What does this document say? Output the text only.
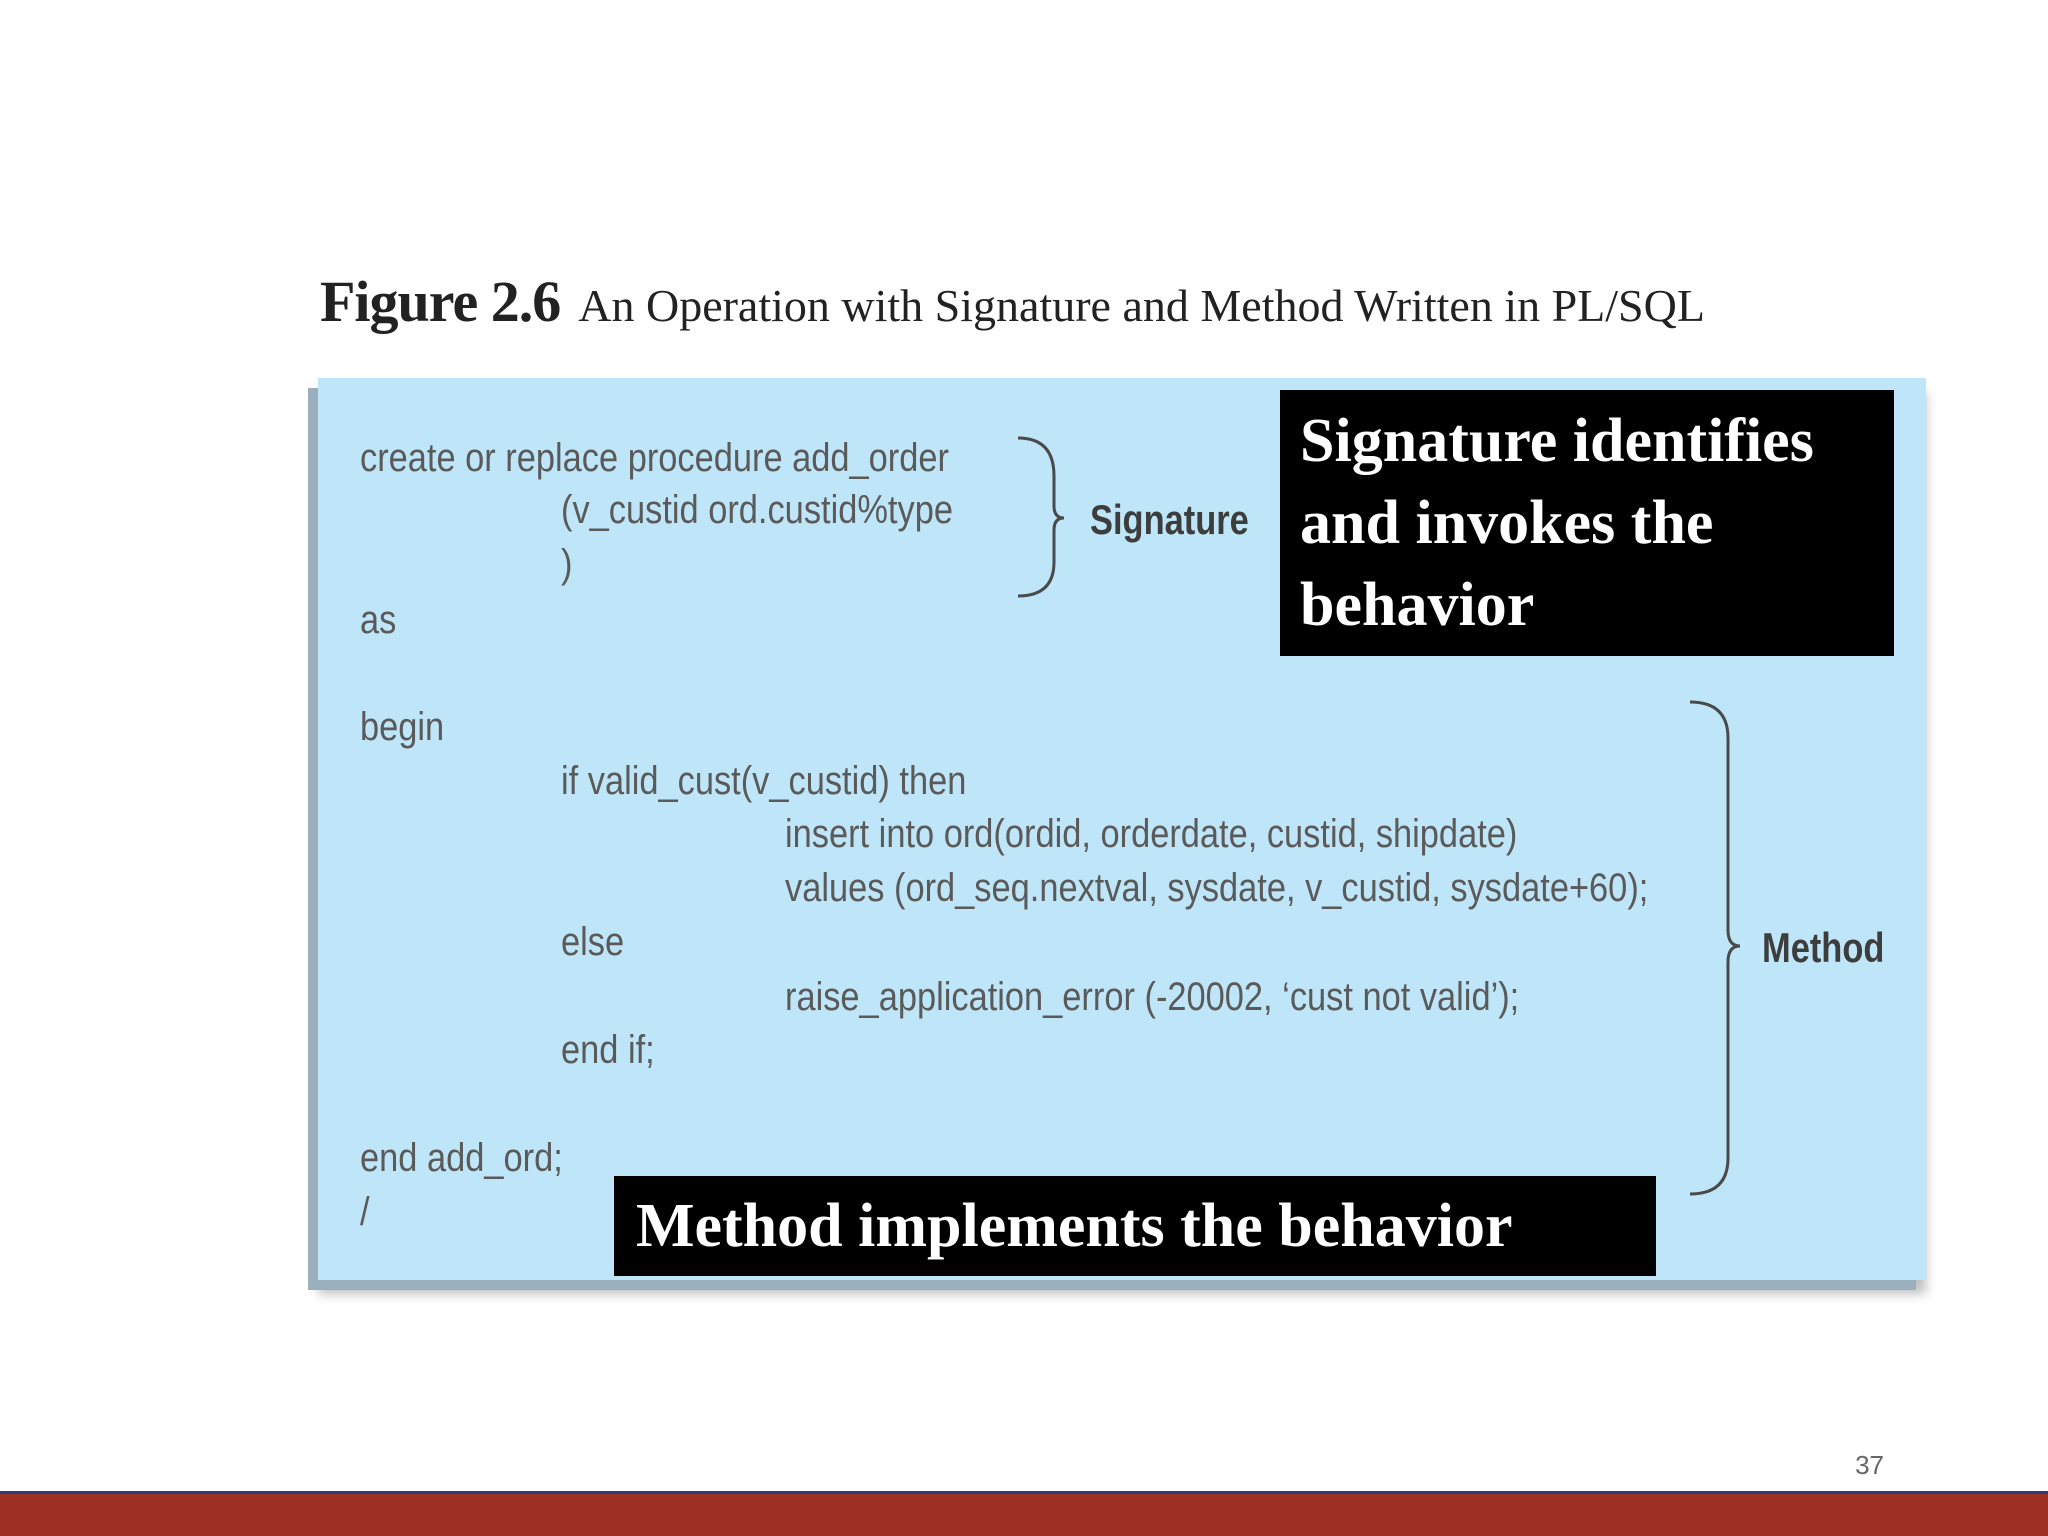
Figure 2.6 An Operation with Signature and Method Written in PL/SQL
create or replace procedure add_order
(v_custid ord.custid%type
)
as
begin
if valid_cust(v_custid) then
insert into ord(ordid, orderdate, custid, shipdate)
values (ord_seq.nextval, sysdate, v_custid, sysdate+60);
else
raise_application_error (-20002, ‘cust not valid’);
end if;
end add_ord;
/
Signature
Method
Signature identifies and invokes the behavior
Method implements the behavior
37
